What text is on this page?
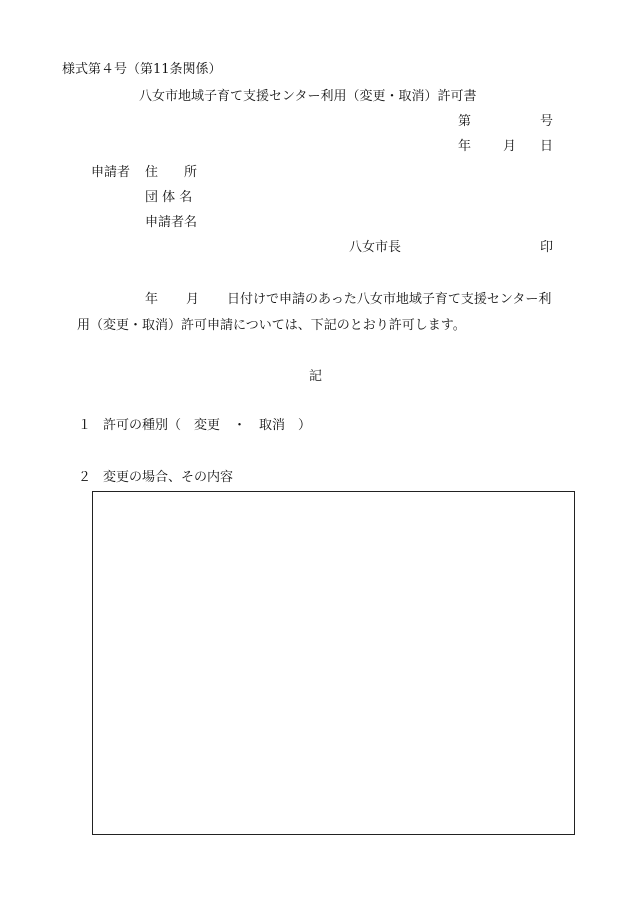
様式第４号（第11条関係）
八女市地域子育て支援センター利用（変更・取消）許可書
第	号
年 月 日
申請者 住　　所
団 体 名
申請者名
八女市長	印
年 月 日付けで申請のあった八女市地域子育て支援センター利
用（変更・取消）許可申請については、下記のとおり許可します。
記
１ 許可の種別（　変更　・　取消　）
２ 変更の場合、その内容
